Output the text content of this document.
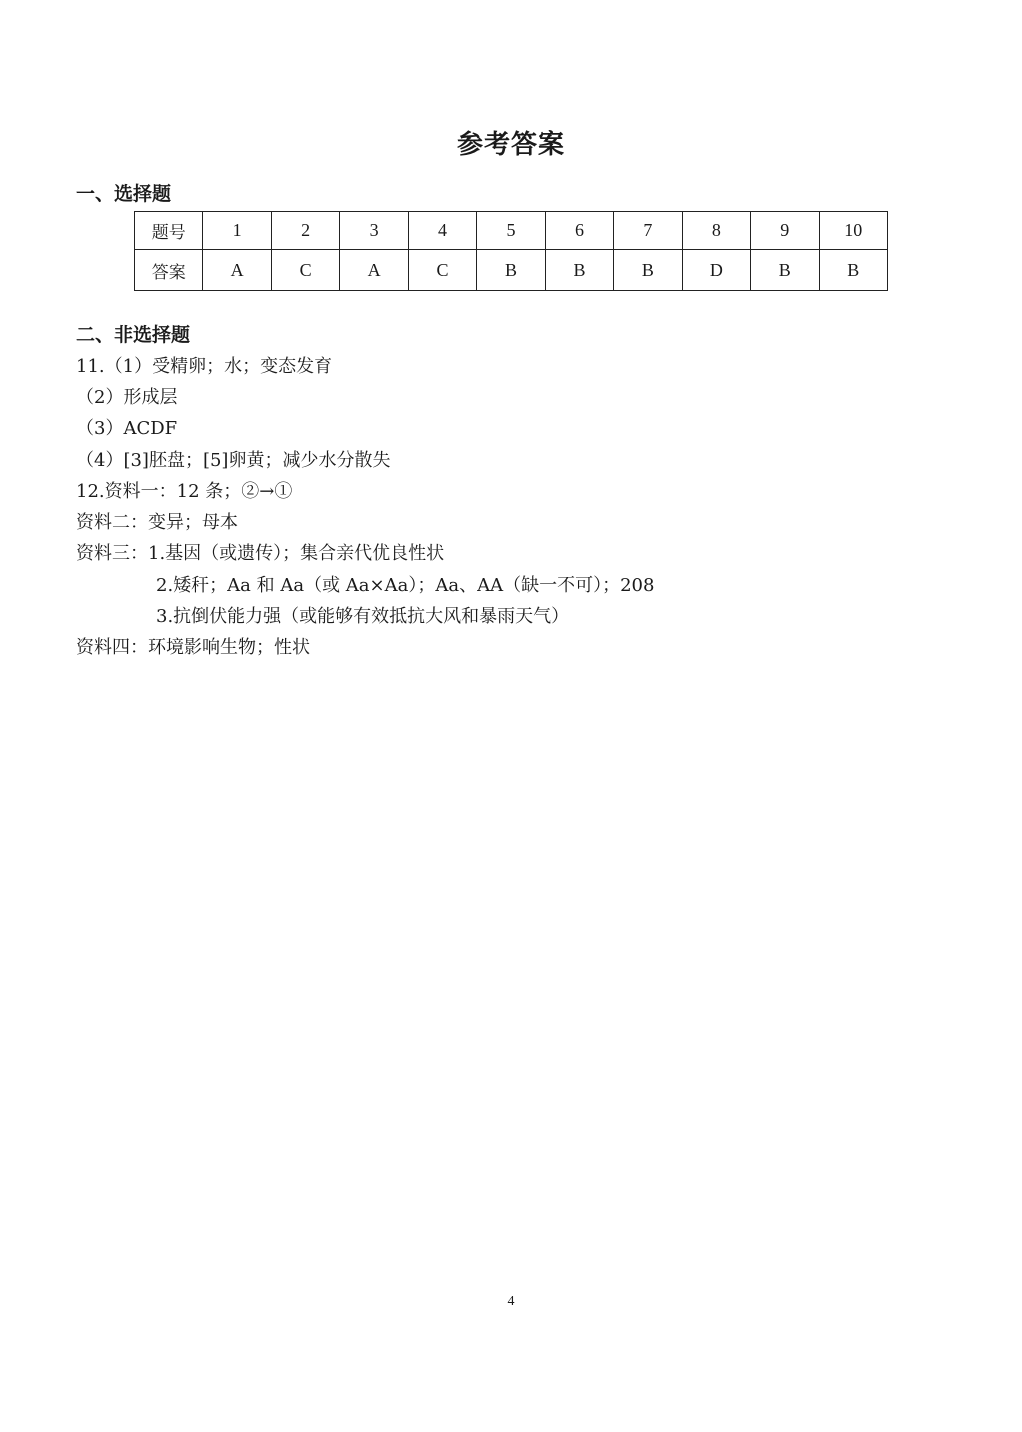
参考答案
一、选择题
题号	1	2	3	4	5	6	7	8	9	10
答案	A	C	A	C	B	B	B	D	B	B
二、非选择题
11.（1）受精卵；水；变态发育
（2）形成层
（3）ACDF
（4）[3]胚盘；[5]卵黄；减少水分散失
12.资料一：12 条；②→①
资料二：变异；母本
资料三：1.基因（或遗传）；集合亲代优良性状
2.矮秆；Aa 和 Aa（或 Aa×Aa）；Aa、AA（缺一不可）；208
3.抗倒伏能力强（或能够有效抵抗大风和暴雨天气）
资料四：环境影响生物；性状
4
